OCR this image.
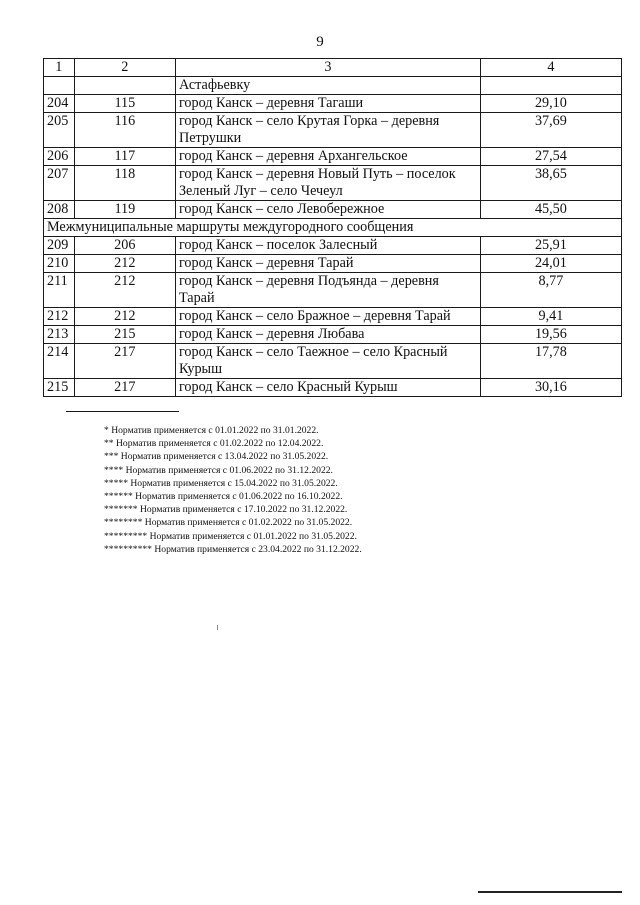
9
1	2	3	4
		Астафьевку	
204	115	город Канск – деревня Тагаши	29,10
205	116	город Канск – село Крутая Горка – деревня Петрушки	37,69
206	117	город Канск – деревня Архангельское	27,54
207	118	город Канск – деревня Новый Путь – поселок Зеленый Луг – село Чечеул	38,65
208	119	город Канск – село Левобережное	45,50
Межмуниципальные маршруты междугородного сообщения			
209	206	город Канск – поселок Залесный	25,91
210	212	город Канск – деревня Тарай	24,01
211	212	город Канск – деревня Подъянда – деревня Тарай	8,77
212	212	город Канск – село Бражное – деревня Тарай	9,41
213	215	город Канск – деревня Любава	19,56
214	217	город Канск – село Таежное – село Красный Курыш	17,78
215	217	город Канск – село Красный Курыш	30,16
* Норматив применяется с 01.01.2022 по 31.01.2022.
** Норматив применяется с 01.02.2022 по 12.04.2022.
*** Норматив применяется с 13.04.2022 по 31.05.2022.
**** Норматив применяется с 01.06.2022 по 31.12.2022.
***** Норматив применяется с 15.04.2022 по 31.05.2022.
****** Норматив применяется с 01.06.2022 по 16.10.2022.
******* Норматив применяется с 17.10.2022 по 31.12.2022.
******** Норматив применяется с 01.02.2022 по 31.05.2022.
********* Норматив применяется с 01.01.2022 по 31.05.2022.
********** Норматив применяется с 23.04.2022 по 31.12.2022.
